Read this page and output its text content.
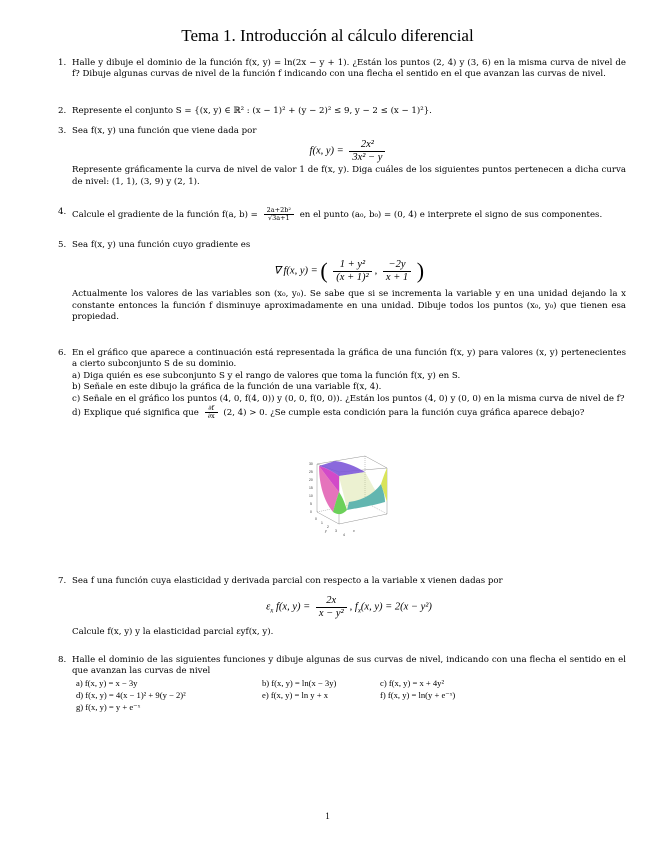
Tema 1. Introducción al cálculo diferencial
1. Halle y dibuje el dominio de la función f(x, y) = ln(2x − y + 1). ¿Están los puntos (2, 4) y (3, 6) en la misma curva de nivel de f? Dibuje algunas curvas de nivel de la función f indicando con una flecha el sentido en el que avanzan las curvas de nivel.
2. Represente el conjunto S = {(x, y) ∈ ℝ² : (x − 1)² + (y − 2)² ≤ 9, y − 2 ≤ (x − 1)²}.
3. Sea f(x, y) una función que viene dada por
f(x, $y) = \frac{\text{2x²}}{\text{3x² − y}}$
Represente gráficamente la curva de nivel de valor 1 de f(x, y). Diga cuáles de los siguientes puntos pertenecen a dicha curva de nivel: (1, 1), (3, 9) y (2, 1).
4. Calcule el gradiente de la función f(a, $b) = \frac{\text{2a+2b²}}{√3a+1}$ en el punto (a₀, b₀) = (0, 4) e interprete el signo de sus componentes.
5. Sea f(x, y) una función cuyo gradiente es
∇ f(x, y) = ( $\frac{\text{1 + y²}}{\text{(x + 1)²}}$ , $\frac{-2y}{x + 1}$ )
Actualmente los valores de las variables son (x₀, y₀). Se sabe que si se incrementa la variable y en una unidad dejando la x constante entonces la función f disminuye aproximadamente en una unidad. Dibuje todos los puntos (x₀, y₀) que tienen esa propiedad.
6. En el gráfico que aparece a continuación está representada la gráfica de una función f(x, y) para valores (x, y) pertenecientes a cierto subconjunto S de su dominio.
a) Diga quién es ese subconjunto S y el rango de valores que toma la función f(x, y) en S.
b) Señale en este dibujo la gráfica de la función de una variable f(x, 4).
c) Señale en el gráfico los puntos (4, 0, f(4, 0)) y (0, 0, f(0, 0)). ¿Están los puntos (4, 0) y (0, 0) en la misma curva de nivel de f?
d) Explique qué significa que $\frac{\partial f}{\partial x} (2$, 4) > 0. ¿Se cumple esta condición para la función cuya gráfica aparece debajo?
30
25
20
15
10
5
0
0
1
2
3
4
x
y
7. Sea f una función cuya elasticidad y derivada parcial con respecto a la variable x vienen dadas por
$\varepsilon_x$ f(x, $y) = \frac{2x}{\text{x − y²}}$ , $f_x(x$, y) = 2(x − y²)
Calcule f(x, y) y la elasticidad parcial εyf(x, y).
8. Halle el dominio de las siguientes funciones y dibuje algunas de sus curvas de nivel, indicando con una flecha el sentido en el que avanzan las curvas de nivel
a) f(x, y) = x − 3y	b) f(x, y) = ln(x − 3y)	c) f(x, y) = x + 4y²
d) f(x, y) = 4(x − 1)² + 9(y − 2)²	e) f(x, y) = ln y + x	f) f(x, y) = ln(y + e⁻ˣ)
g) f(x, y) = y + e⁻ˣ
1
